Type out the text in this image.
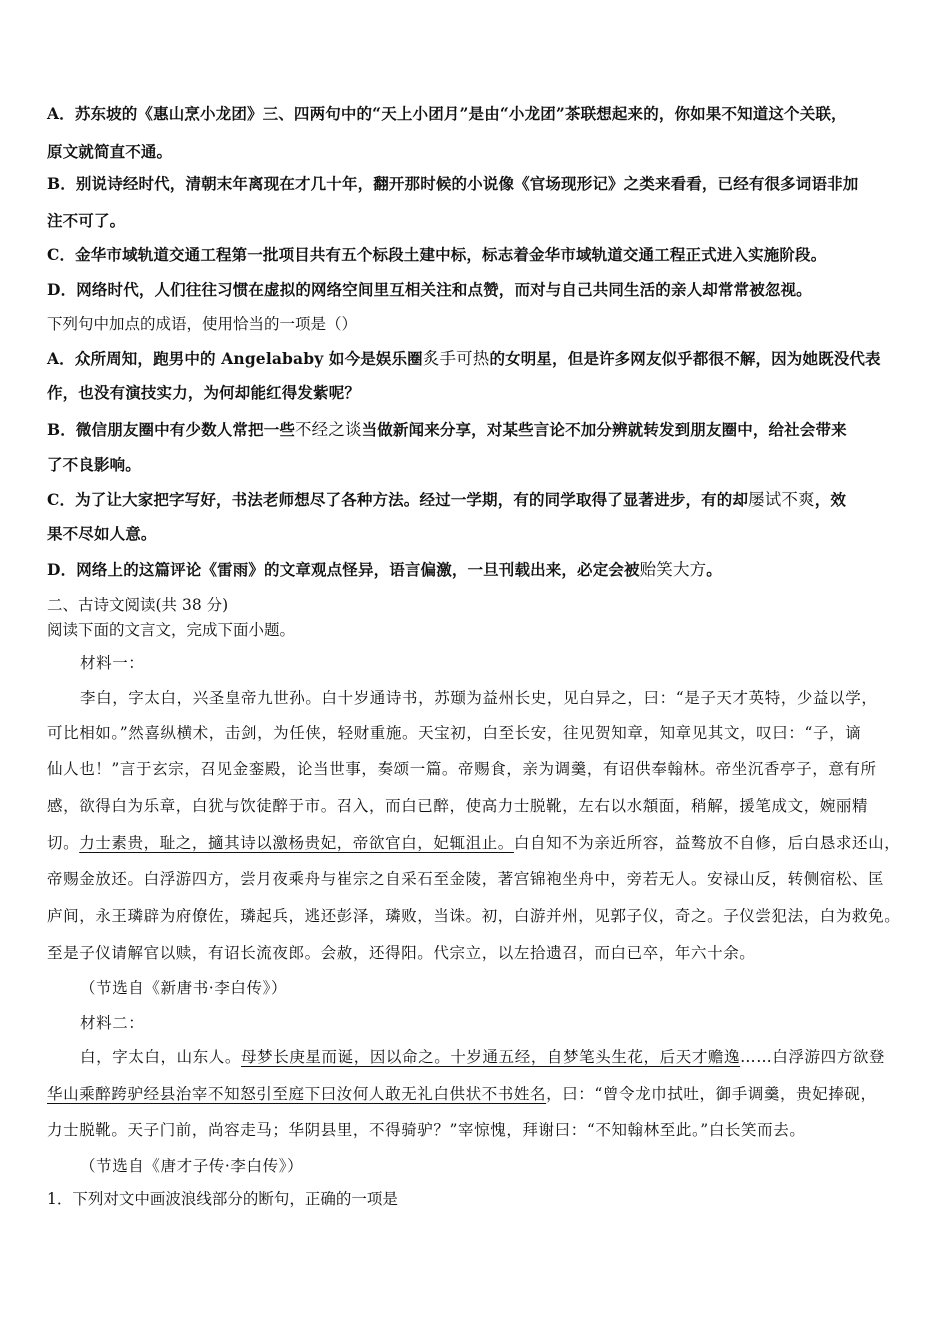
A．苏东坡的《惠山烹小龙团》三、四两句中的“天上小团月”是由“小龙团”茶联想起来的，你如果不知道这个关联，

原文就简直不通。

B．别说诗经时代，清朝末年离现在才几十年，翻开那时候的小说像《官场现形记》之类来看看，已经有很多词语非加

注不可了。

C．金华市域轨道交通工程第一批项目共有五个标段土建中标，标志着金华市域轨道交通工程正式进入实施阶段。

D．网络时代，人们往往习惯在虚拟的网络空间里互相关注和点赞，而对与自己共同生活的亲人却常常被忽视。

下列句中加点的成语，使用恰当的一项是（）

A．众所周知，跑男中的 Angelababy 如今是娱乐圈炙手可热的女明星，但是许多网友似乎都很不解，因为她既没代表

作，也没有演技实力，为何却能红得发紫呢？

B．微信朋友圈中有少数人常把一些不经之谈当做新闻来分享，对某些言论不加分辨就转发到朋友圈中，给社会带来

了不良影响。

C．为了让大家把字写好，书法老师想尽了各种方法。经过一学期，有的同学取得了显著进步，有的却屡试不爽，效

果不尽如人意。

D．网络上的这篇评论《雷雨》的文章观点怪异，语言偏激，一旦刊载出来，必定会被贻笑大方。

二、古诗文阅读(共 38 分)

阅读下面的文言文，完成下面小题。

材料一：

李白，字太白，兴圣皇帝九世孙。白十岁通诗书，苏颋为益州长史，见白异之，曰：“是子天才英特，少益以学，

可比相如。”然喜纵横术，击剑，为任侠，轻财重施。天宝初，白至长安，往见贺知章，知章见其文，叹曰：“子，谪

仙人也！”言于玄宗，召见金銮殿，论当世事，奏颂一篇。帝赐食，亲为调羹，有诏供奉翰林。帝坐沉香亭子，意有所

感，欲得白为乐章，白犹与饮徒醉于市。召入，而白已醉，使高力士脱靴，左右以水頮面，稍解，援笔成文，婉丽精

切。力士素贵，耻之，擿其诗以激杨贵妃，帝欲官白，妃辄沮止。白自知不为亲近所容，益骜放不自修，后白恳求还山，

帝赐金放还。白浮游四方，尝月夜乘舟与崔宗之自采石至金陵，著宫锦袍坐舟中，旁若无人。安禄山反，转侧宿松、匡

庐间，永王璘辟为府僚佐，璘起兵，逃还彭泽，璘败，当诛。初，白游并州，见郭子仪，奇之。子仪尝犯法，白为救免。

至是子仪请解官以赎，有诏长流夜郎。会赦，还得阳。代宗立，以左拾遗召，而白已卒，年六十余。

（节选自《新唐书·李白传》）

材料二：

白，字太白，山东人。母梦长庚星而诞，因以命之。十岁通五经，自梦笔头生花，后天才赡逸……白浮游四方欲登

华山乘醉跨驴经县治宰不知怒引至庭下曰汝何人敢无礼白供状不书姓名，曰：“曾令龙巾拭吐，御手调羹，贵妃捧砚，

力士脱靴。天子门前，尚容走马；华阴县里，不得骑驴？”宰惊愧，拜谢曰：“不知翰林至此。”白长笑而去。

（节选自《唐才子传·李白传》）

1．下列对文中画波浪线部分的断句，正确的一项是
